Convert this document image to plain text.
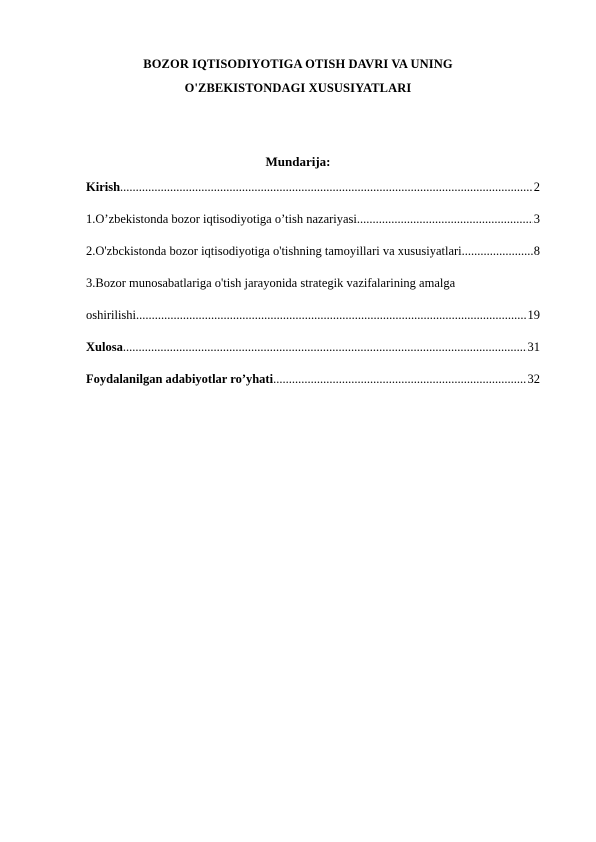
BOZOR IQTISODIYOTIGA OTISH DAVRI VA UNING
O'ZBEKISTONDAGI XUSUSIYATLARI
Mundarija:
Kirish .....	2
1.O’zbekistonda bozor iqtisodiyotiga o’tish nazariyasi .....	3
2.O'zbckistonda bozor iqtisodiyotiga o'tishning tamoyillari va xususiyatlari .....	8
3.Bozor munosabatlariga o'tish jarayonida strategik vazifalarining amalga
oshirilishi .....	19
Xulosa .....	31
Foydalanilgan adabiyotlar ro’yhati .....	32
